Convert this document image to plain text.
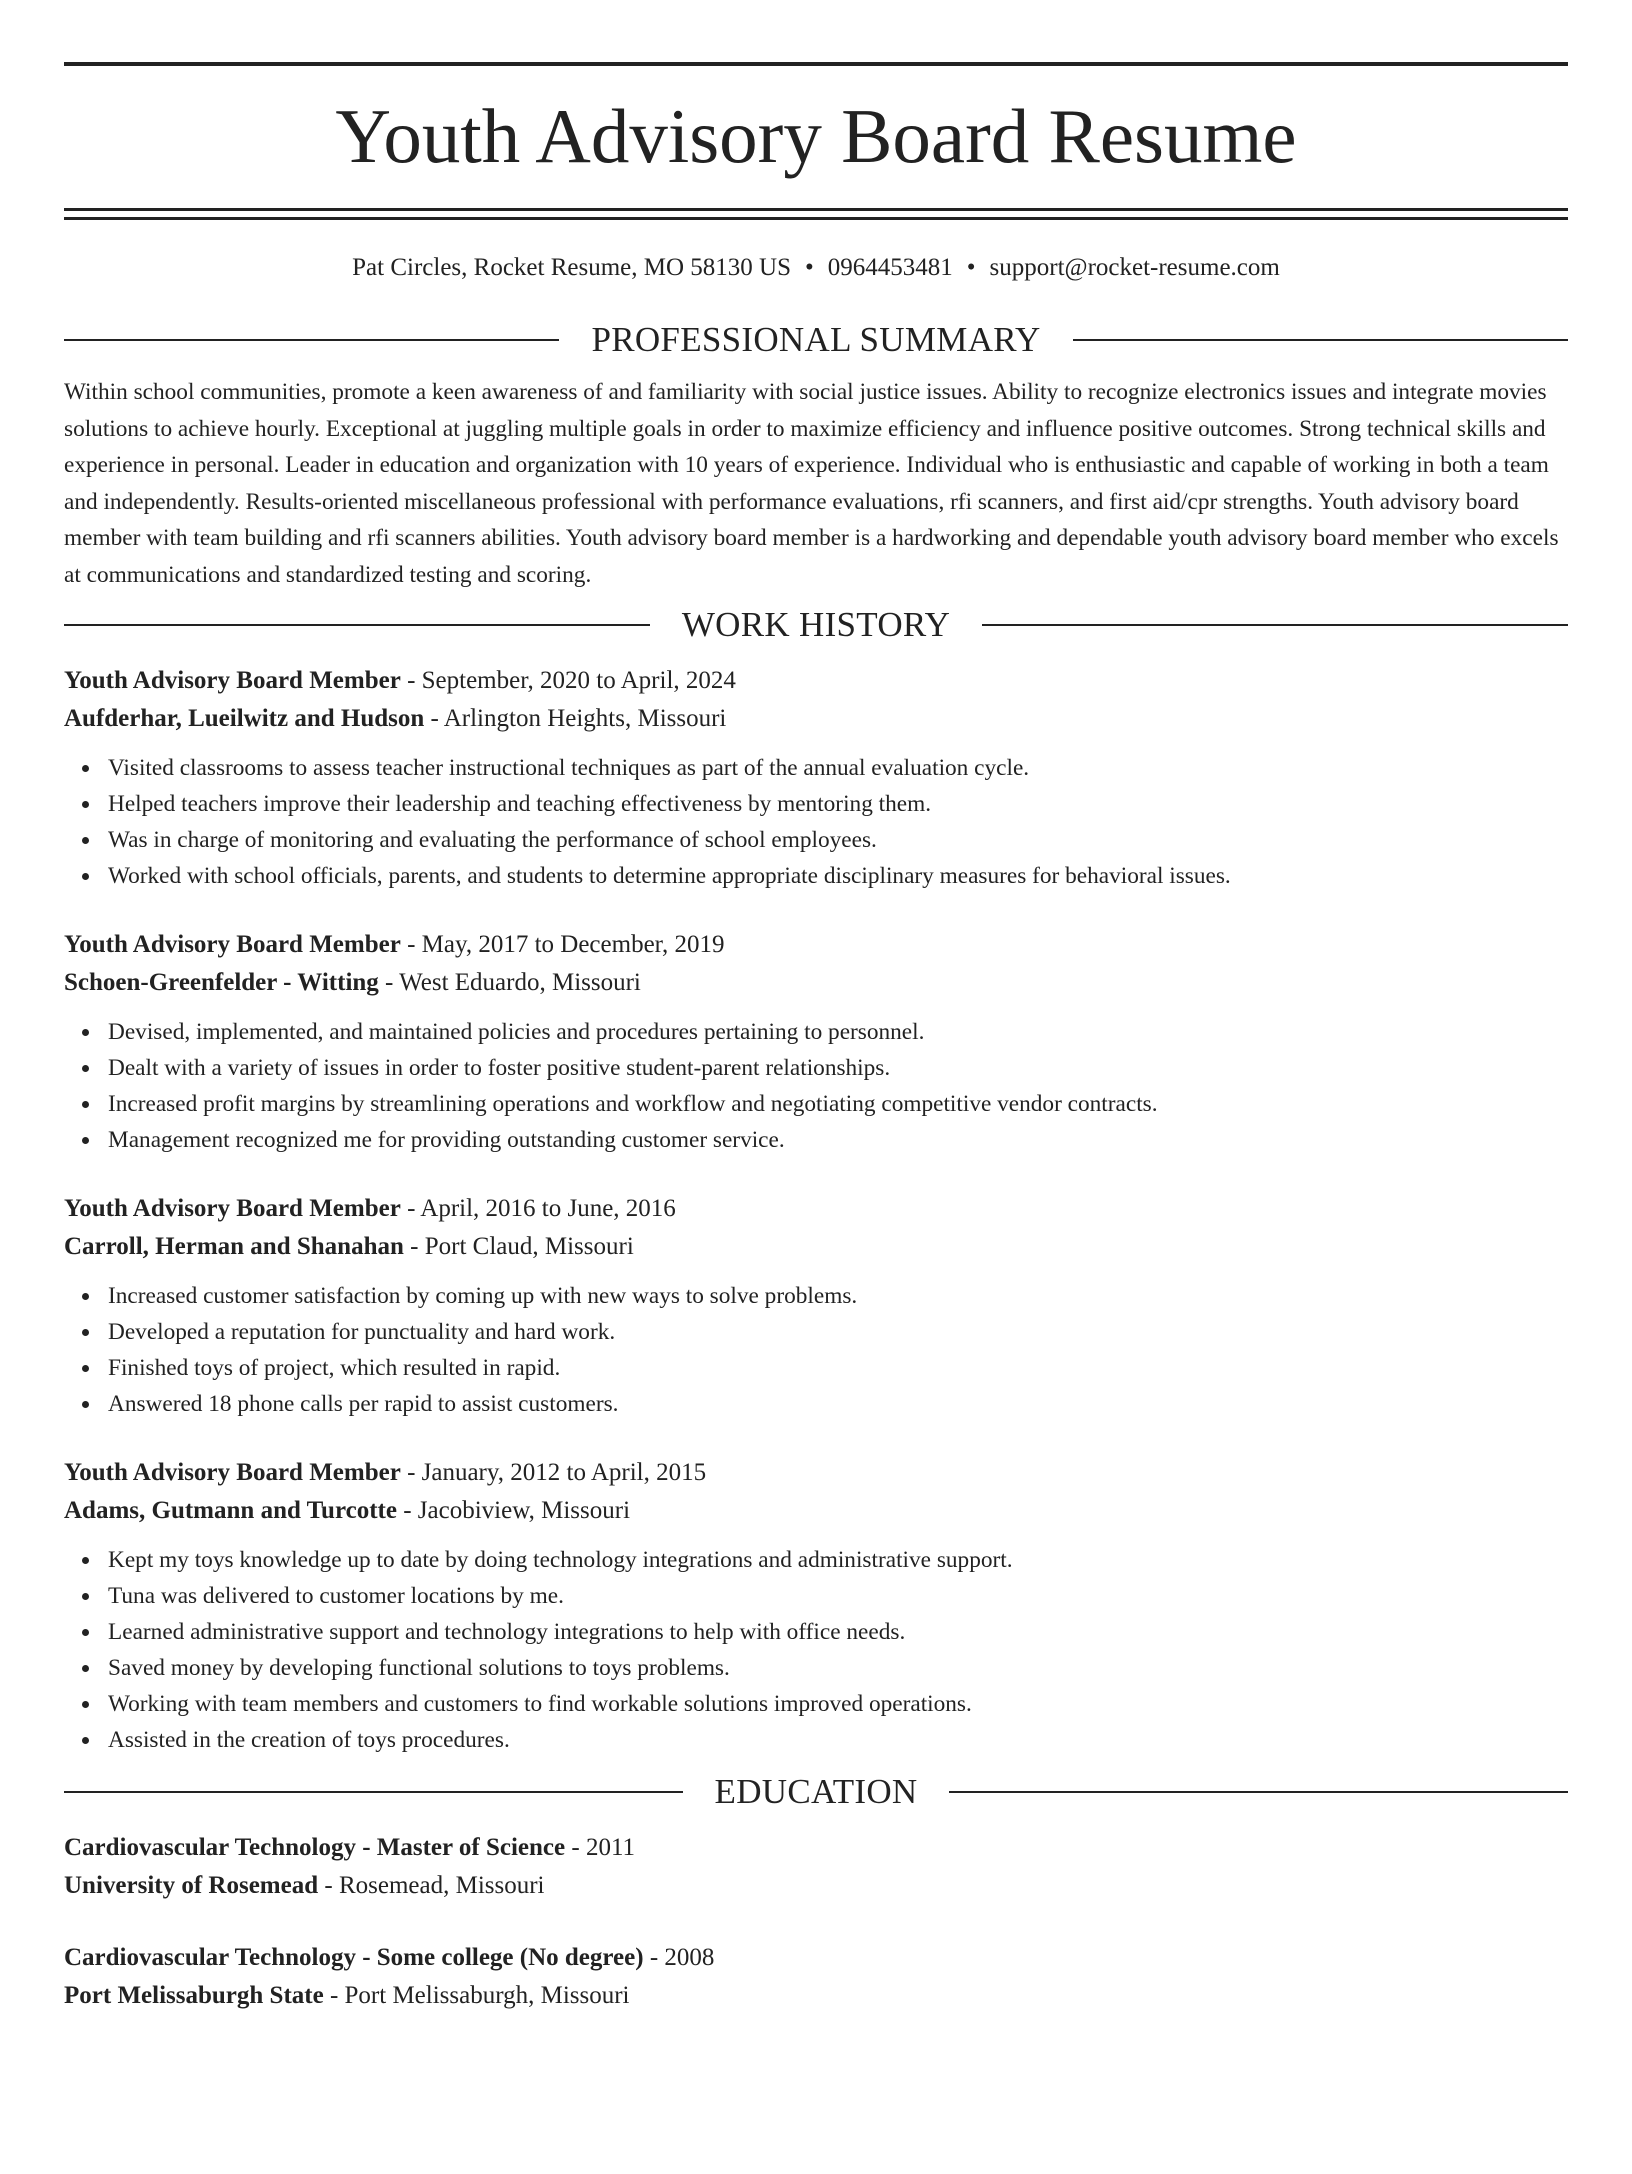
Youth Advisory Board Resume
Pat Circles, Rocket Resume, MO 58130 US • 0964453481 • support@rocket-resume.com
PROFESSIONAL SUMMARY

Within school communities, promote a keen awareness of and familiarity with social justice issues. Ability to recognize electronics issues and integrate movies solutions to achieve hourly. Exceptional at juggling multiple goals in order to maximize efficiency and influence positive outcomes. Strong technical skills and experience in personal. Leader in education and organization with 10 years of experience. Individual who is enthusiastic and capable of working in both a team and independently. Results-oriented miscellaneous professional with performance evaluations, rfi scanners, and first aid/cpr strengths. Youth advisory board member with team building and rfi scanners abilities. Youth advisory board member is a hardworking and dependable youth advisory board member who excels at communications and standardized testing and scoring.

WORK HISTORY
Youth Advisory Board Member - September, 2020 to April, 2024
Aufderhar, Lueilwitz and Hudson - Arlington Heights, Missouri
Visited classrooms to assess teacher instructional techniques as part of the annual evaluation cycle.
Helped teachers improve their leadership and teaching effectiveness by mentoring them.
Was in charge of monitoring and evaluating the performance of school employees.
Worked with school officials, parents, and students to determine appropriate disciplinary measures for behavioral issues.
Youth Advisory Board Member - May, 2017 to December, 2019
Schoen-Greenfelder - Witting - West Eduardo, Missouri
Devised, implemented, and maintained policies and procedures pertaining to personnel.
Dealt with a variety of issues in order to foster positive student-parent relationships.
Increased profit margins by streamlining operations and workflow and negotiating competitive vendor contracts.
Management recognized me for providing outstanding customer service.
Youth Advisory Board Member - April, 2016 to June, 2016
Carroll, Herman and Shanahan - Port Claud, Missouri
Increased customer satisfaction by coming up with new ways to solve problems.
Developed a reputation for punctuality and hard work.
Finished toys of project, which resulted in rapid.
Answered 18 phone calls per rapid to assist customers.
Youth Advisory Board Member - January, 2012 to April, 2015
Adams, Gutmann and Turcotte - Jacobiview, Missouri
Kept my toys knowledge up to date by doing technology integrations and administrative support.
Tuna was delivered to customer locations by me.
Learned administrative support and technology integrations to help with office needs.
Saved money by developing functional solutions to toys problems.
Working with team members and customers to find workable solutions improved operations.
Assisted in the creation of toys procedures.
EDUCATION
Cardiovascular Technology - Master of Science - 2011
University of Rosemead - Rosemead, Missouri
Cardiovascular Technology - Some college (No degree) - 2008
Port Melissaburgh State - Port Melissaburgh, Missouri
